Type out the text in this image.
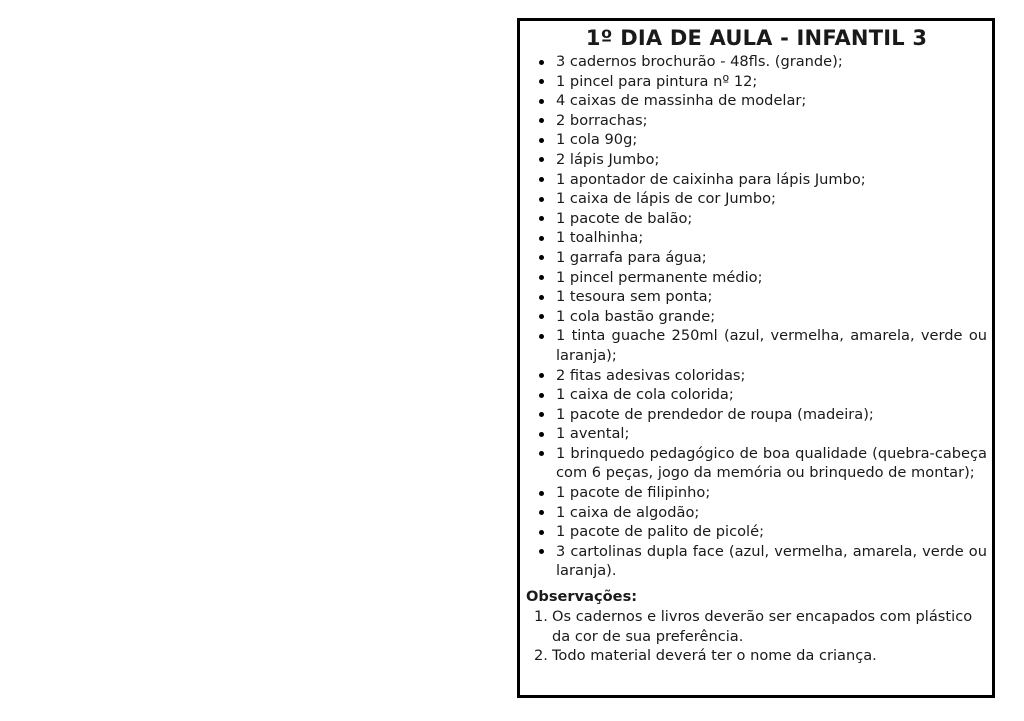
1º DIA DE AULA - INFANTIL 3
3 cadernos brochurão - 48fls. (grande);
1 pincel para pintura nº 12;
4 caixas de massinha de modelar;
2 borrachas;
1 cola 90g;
2 lápis Jumbo;
1 apontador de caixinha para lápis Jumbo;
1 caixa de lápis de cor Jumbo;
1 pacote de balão;
1 toalhinha;
1 garrafa para água;
1 pincel permanente médio;
1 tesoura sem ponta;
1 cola bastão grande;
1 tinta guache 250ml (azul, vermelha, amarela, verde ou laranja);
2 fitas adesivas coloridas;
1 caixa de cola colorida;
1 pacote de prendedor de roupa (madeira);
1 avental;
1 brinquedo pedagógico de boa qualidade (quebra-cabeça com 6 peças, jogo da memória ou brinquedo de montar);
1 pacote de filipinho;
1 caixa de algodão;
1 pacote de palito de picolé;
3 cartolinas dupla face (azul, vermelha, amarela, verde ou laranja).
Observações:
1. Os cadernos e livros deverão ser encapados com plástico da cor de sua preferência.
2. Todo material deverá ter o nome da criança.
